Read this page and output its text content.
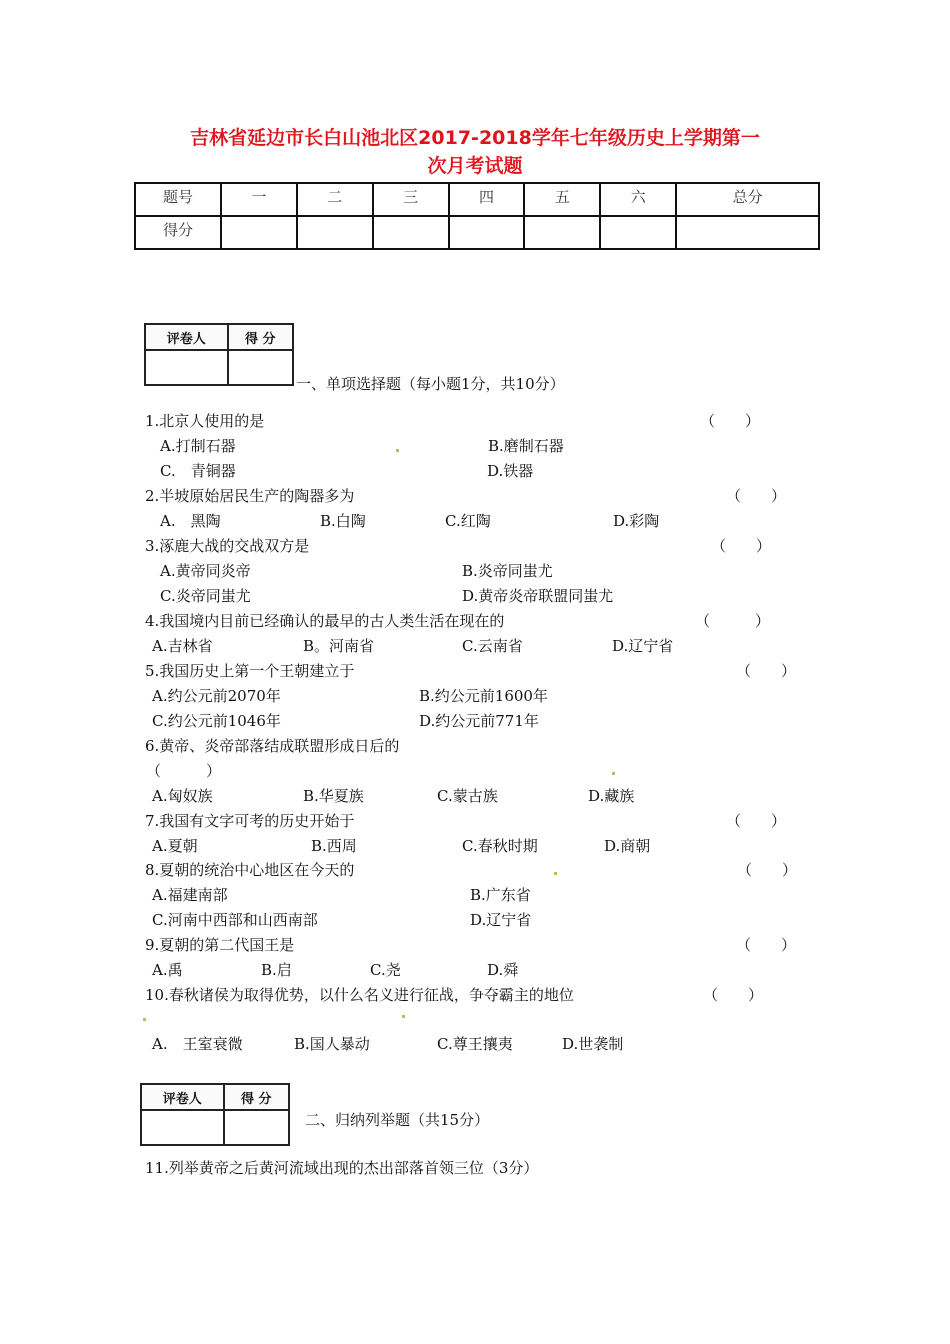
吉林省延边市长白山池北区2017-2018学年七年级历史上学期第一
次月考试题
题号	一	二	三	四	五	六	总分
得分							
评卷人	得 分

一、单项选择题（每小题1分，共10分）
1.北京人使用的是	（　　）
A.打制石器	B.磨制石器
C.　青铜器	D.铁器
2.半坡原始居民生产的陶器多为	（　　）
A.　黑陶	B.白陶	C.红陶	D.彩陶
3.涿鹿大战的交战双方是	（　　）
A.黄帝同炎帝	B.炎帝同蚩尤
C.炎帝同蚩尤	D.黄帝炎帝联盟同蚩尤
4.我国境内目前已经确认的最早的古人类生活在现在的	（　　　）
A.吉林省	B。河南省	C.云南省	D.辽宁省
5.我国历史上第一个王朝建立于	（　　）
A.约公元前2070年	B.约公元前1600年
C.约公元前1046年	D.约公元前771年
6.黄帝、炎帝部落结成联盟形成日后的
（　　　）
A.匈奴族	B.华夏族	C.蒙古族	D.藏族
7.我国有文字可考的历史开始于	（　　）
A.夏朝	B.西周	C.春秋时期	D.商朝
8.夏朝的统治中心地区在今天的	（　　）
A.福建南部	B.广东省
C.河南中西部和山西南部	D.辽宁省
9.夏朝的第二代国王是	（　　）
A.禹	B.启	C.尧	D.舜
10.春秋诸侯为取得优势，以什么名义进行征战，争夺霸主的地位	（　　）
A.　王室衰微	B.国人暴动	C.尊王攘夷	D.世袭制
评卷人	得 分

二、归纳列举题（共15分）
11.列举黄帝之后黄河流域出现的杰出部落首领三位（3分）
